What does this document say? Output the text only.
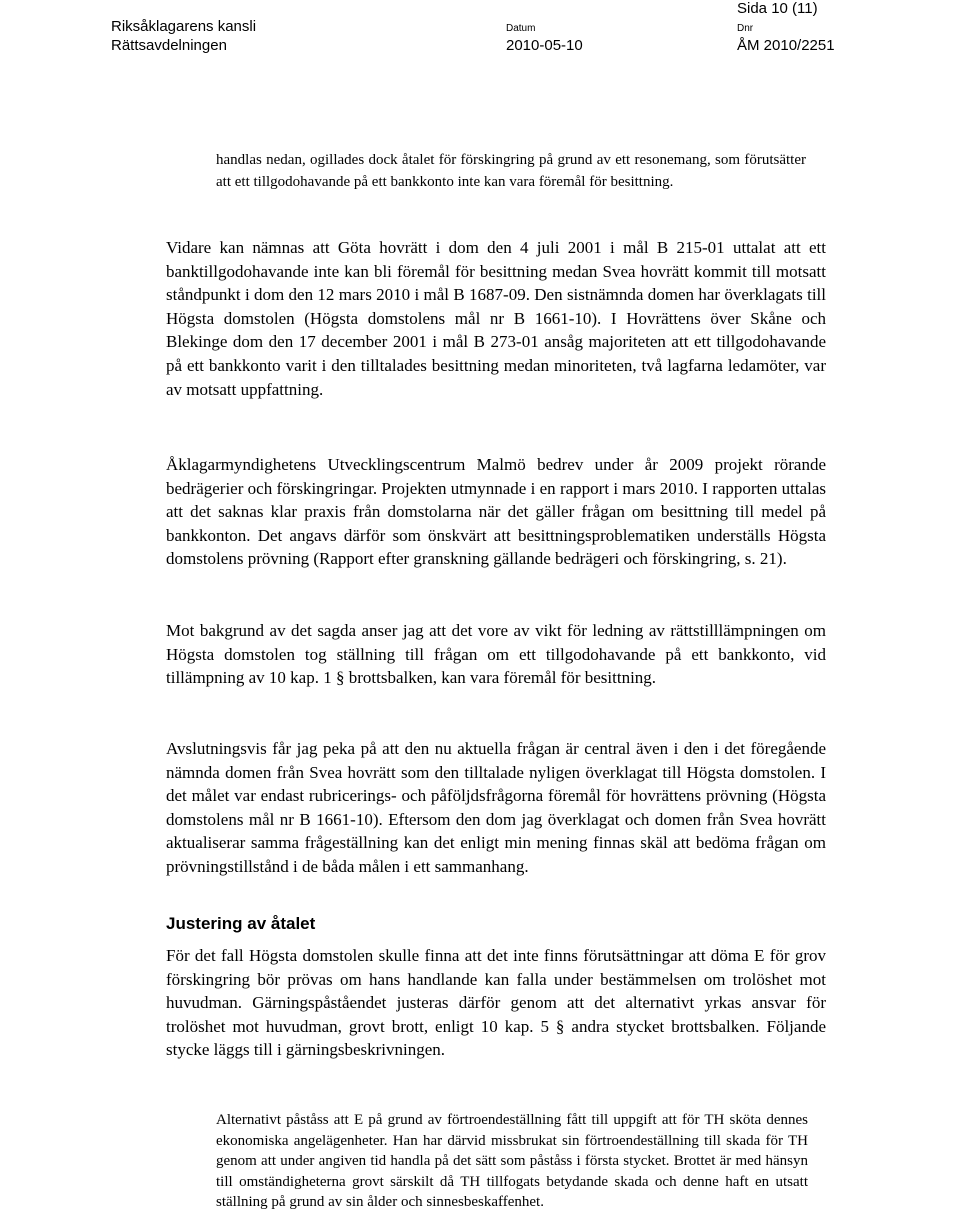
Riksåklagarens kansli
Rättsavdelningen
Datum
2010-05-10
Dnr
ÅM 2010/2251
Sida 10 (11)

handlas nedan, ogillades dock åtalet för förskingring på grund av ett resonemang, som förutsätter att ett tillgodohavande på ett bankkonto inte kan vara föremål för besittning.

Vidare kan nämnas att Göta hovrätt i dom den 4 juli 2001 i mål B 215-01 uttalat att ett banktillgodohavande inte kan bli föremål för besittning medan Svea hovrätt kommit till motsatt ståndpunkt i dom den 12 mars 2010 i mål B 1687-09. Den sistnämnda domen har överklagats till Högsta domstolen (Högsta domstolens mål nr B 1661-10). I Hovrättens över Skåne och Blekinge dom den 17 december 2001 i mål B 273-01 ansåg majoriteten att ett tillgodohavande på ett bankkonto varit i den tilltalades besittning medan minoriteten, två lagfarna ledamöter, var av motsatt uppfattning.

Åklagarmyndighetens Utvecklingscentrum Malmö bedrev under år 2009 projekt rörande bedrägerier och förskingringar. Projekten utmynnade i en rapport i mars 2010. I rapporten uttalas att det saknas klar praxis från domstolarna när det gäller frågan om besittning till medel på bankkonton. Det angavs därför som önskvärt att besittningsproblematiken underställs Högsta domstolens prövning (Rapport efter granskning gällande bedrägeri och förskingring, s. 21).

Mot bakgrund av det sagda anser jag att det vore av vikt för ledning av rättstilllämpningen om Högsta domstolen tog ställning till frågan om ett tillgodohavande på ett bankkonto, vid tillämpning av 10 kap. 1 § brottsbalken, kan vara föremål för besittning.

Avslutningsvis får jag peka på att den nu aktuella frågan är central även i den i det föregående nämnda domen från Svea hovrätt som den tilltalade nyligen överklagat till Högsta domstolen. I det målet var endast rubricerings- och påföljdsfrågorna föremål för hovrättens prövning (Högsta domstolens mål nr B 1661-10). Eftersom den dom jag överklagat och domen från Svea hovrätt aktualiserar samma frågeställning kan det enligt min mening finnas skäl att bedöma frågan om prövningstillstånd i de båda målen i ett sammanhang.

Justering av åtalet

För det fall Högsta domstolen skulle finna att det inte finns förutsättningar att döma E för grov förskingring bör prövas om hans handlande kan falla under bestämmelsen om trolöshet mot huvudman. Gärningspåståendet justeras därför genom att det alternativt yrkas ansvar för trolöshet mot huvudman, grovt brott, enligt 10 kap. 5 § andra stycket brottsbalken. Följande stycke läggs till i gärningsbeskrivningen.

Alternativt påståss att E på grund av förtroendeställning fått till uppgift att för TH sköta dennes ekonomiska angelägenheter. Han har därvid missbrukat sin förtroendeställning till skada för TH genom att under angiven tid handla på det sätt som påståss i första stycket. Brottet är med hänsyn till omständigheterna grovt särskilt då TH tillfogats betydande skada och denne haft en utsatt ställning på grund av sin ålder och sinnesbeskaffenhet.
